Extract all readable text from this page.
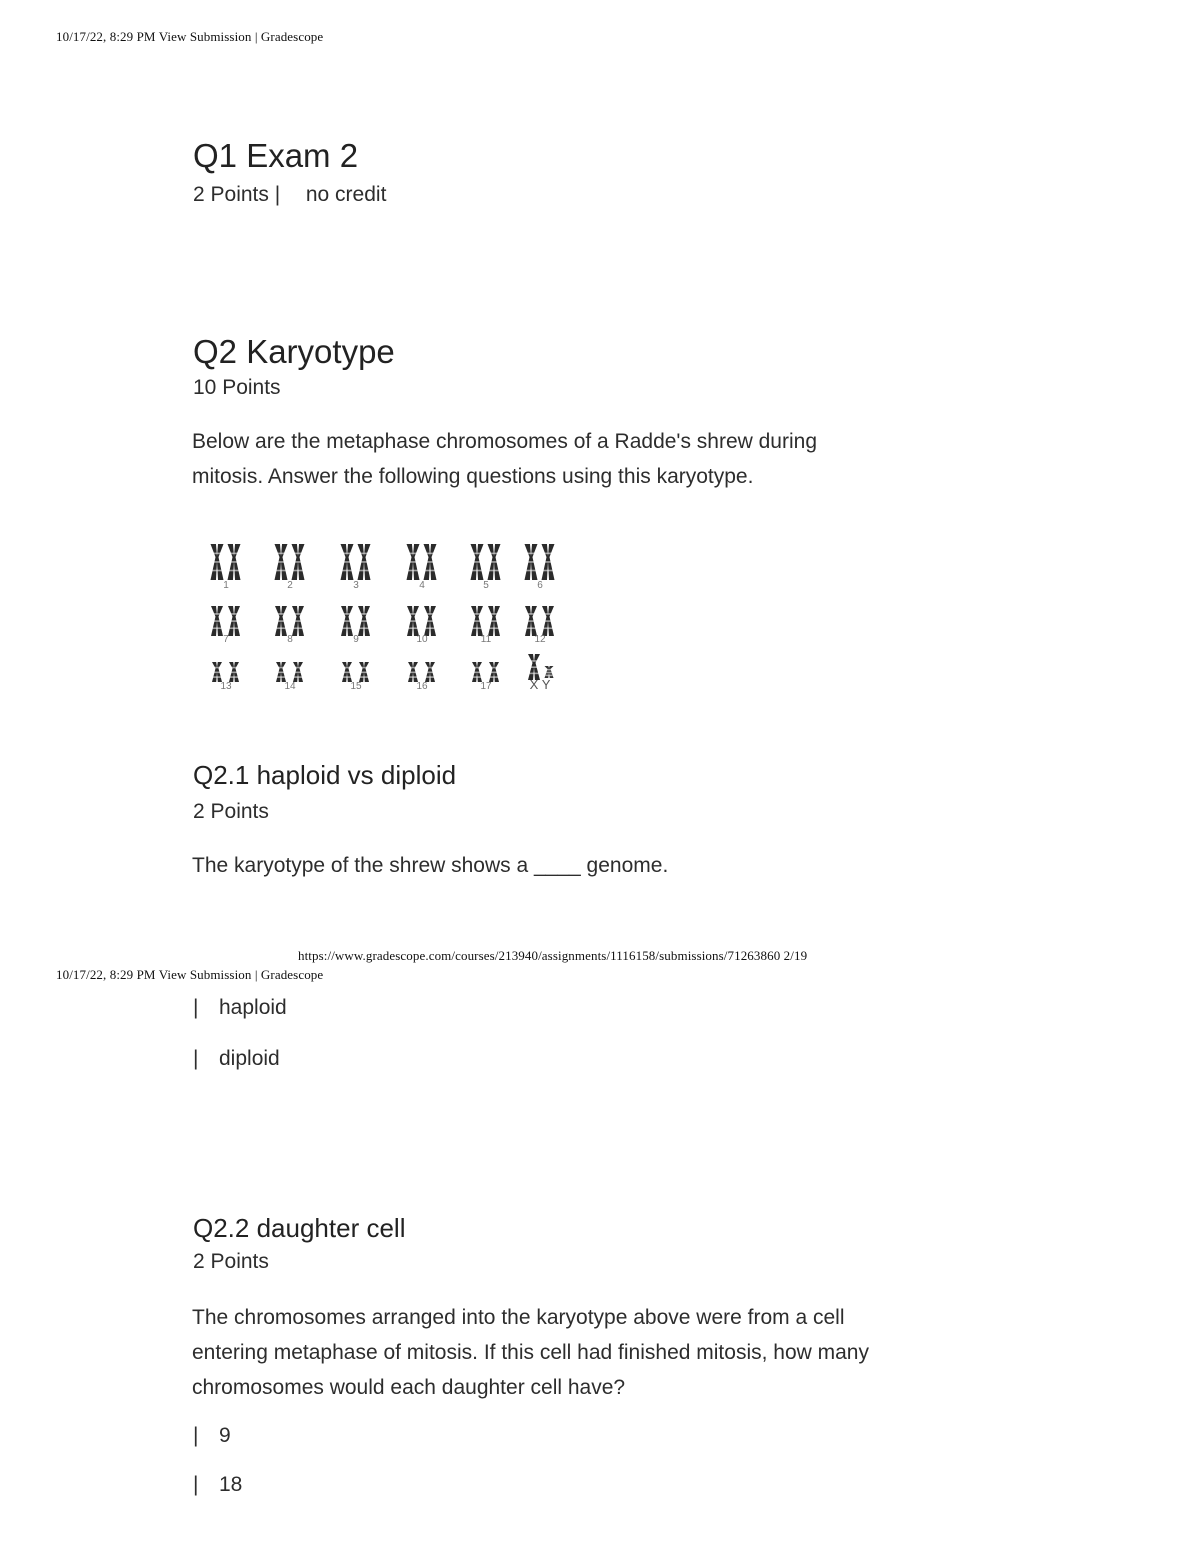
10/17/22, 8:29 PM View Submission | Gradescope
Q1 Exam 2
2 Points | no credit
Q2 Karyotype
10 Points
Below are the metaphase chromosomes of a Radde's shrew during
mitosis. Answer the following questions using this karyotype.
1	2	3	4	5	6
7	8	9	10	11	12
13	14	15	16	17	X Y
Q2.1 haploid vs diploid
2 Points
The karyotype of the shrew shows a ____ genome.
https://www.gradescope.com/courses/213940/assignments/1116158/submissions/71263860 2/19
10/17/22, 8:29 PM View Submission | Gradescope
| haploid
| diploid
Q2.2 daughter cell
2 Points
The chromosomes arranged into the karyotype above were from a cell
entering metaphase of mitosis. If this cell had finished mitosis, how many
chromosomes would each daughter cell have?
| 9
| 18
